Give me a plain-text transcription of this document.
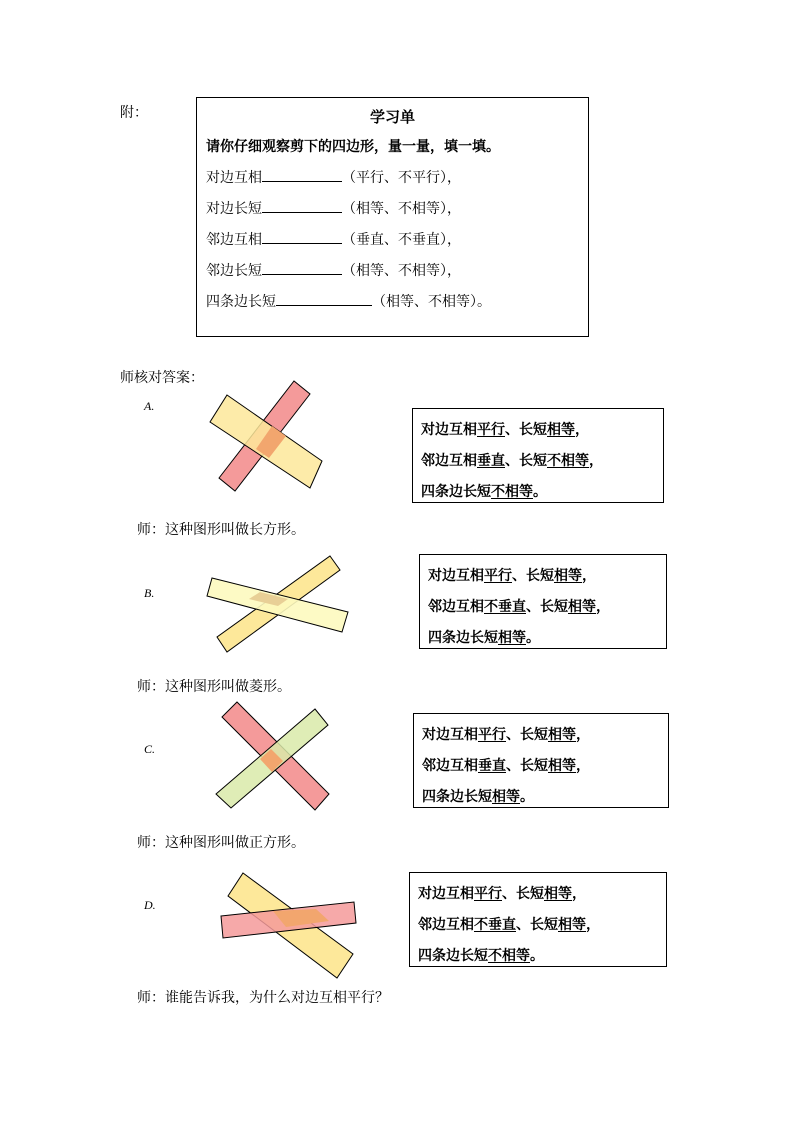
附：	学习单
请你仔细观察剪下的四边形，量一量，填一填。
对边互相	（平行、不平行），
对边长短	（相等、不相等），
邻边互相	（垂直、不垂直），
邻边长短	（相等、不相等），
四条边长短	（相等、不相等）。
师核对答案：
A.
对边互相平行、长短相等，
邻边互相垂直、长短不相等，
四条边长短不相等。
师：这种图形叫做长方形。
B.
对边互相平行、长短相等，
邻边互相不垂直、长短相等，
四条边长短相等。
师：这种图形叫做菱形。
C.
对边互相平行、长短相等，
邻边互相垂直、长短相等，
四条边长短相等。
师：这种图形叫做正方形。
D.
对边互相平行、长短相等，
邻边互相不垂直、长短相等，
四条边长短不相等。
师：谁能告诉我，为什么对边互相平行？
